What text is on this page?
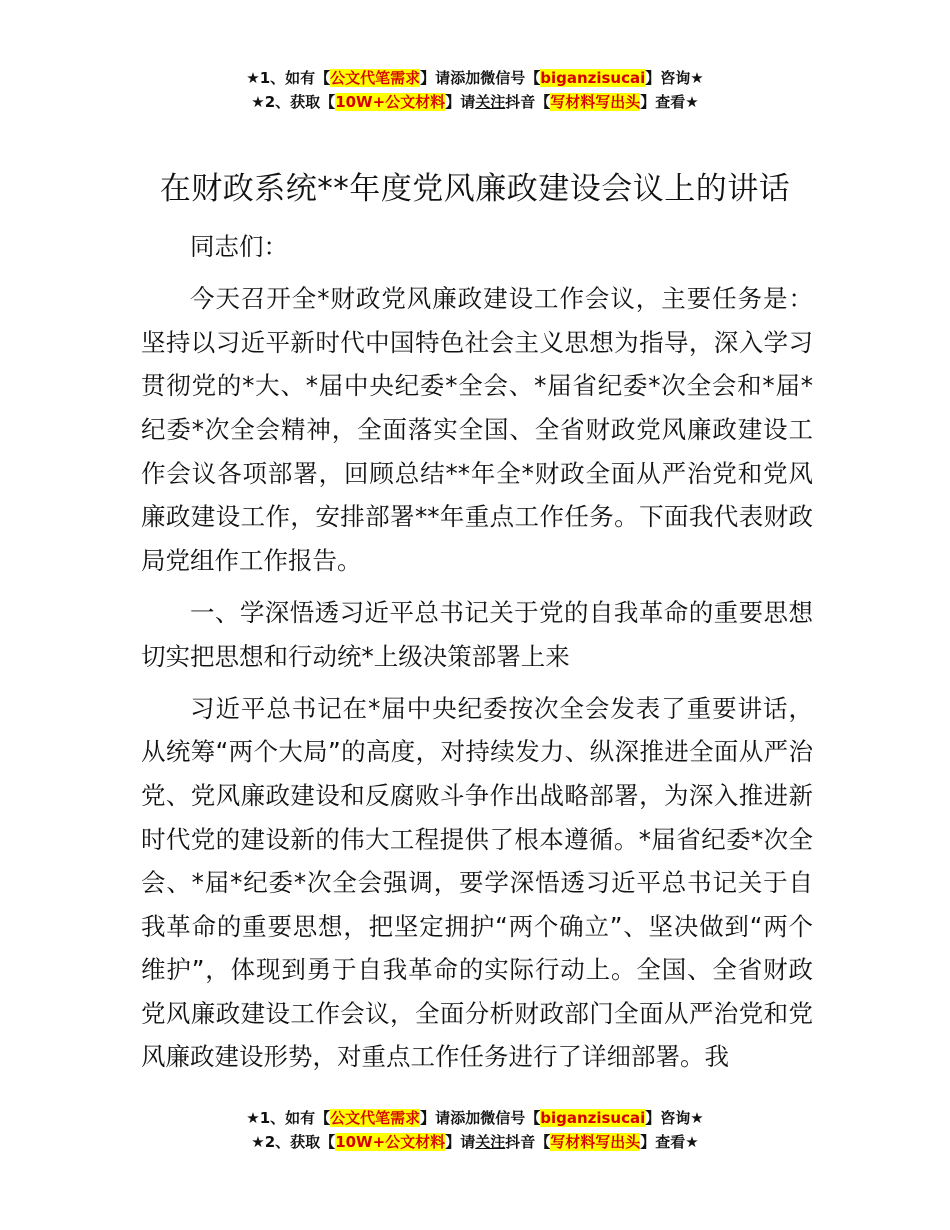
★1、如有【公文代笔需求】请添加微信号【biganzisucai】咨询★
★2、获取【10W+公文材料】请关注抖音【写材料写出头】查看★
在财政系统**年度党风廉政建设会议上的讲话

同志们：

今天召开全*财政党风廉政建设工作会议，主要任务是：坚持以习近平新时代中国特色社会主义思想为指导，深入学习贯彻党的*大、*届中央纪委*全会、*届省纪委*次全会和*届*纪委*次全会精神，全面落实全国、全省财政党风廉政建设工作会议各项部署，回顾总结**年全*财政全面从严治党和党风廉政建设工作，安排部署**年重点工作任务。下面我代表财政局党组作工作报告。

一、学深悟透习近平总书记关于党的自我革命的重要思想切实把思想和行动统*上级决策部署上来

习近平总书记在*届中央纪委按次全会发表了重要讲话，从统筹“两个大局”的高度，对持续发力、纵深推进全面从严治党、党风廉政建设和反腐败斗争作出战略部署，为深入推进新时代党的建设新的伟大工程提供了根本遵循。*届省纪委*次全会、*届*纪委*次全会强调，要学深悟透习近平总书记关于自我革命的重要思想，把坚定拥护“两个确立”、坚决做到“两个维护”，体现到勇于自我革命的实际行动上。全国、全省财政党风廉政建设工作会议，全面分析财政部门全面从严治党和党风廉政建设形势，对重点工作任务进行了详细部署。我

★1、如有【公文代笔需求】请添加微信号【biganzisucai】咨询★
★2、获取【10W+公文材料】请关注抖音【写材料写出头】查看★
